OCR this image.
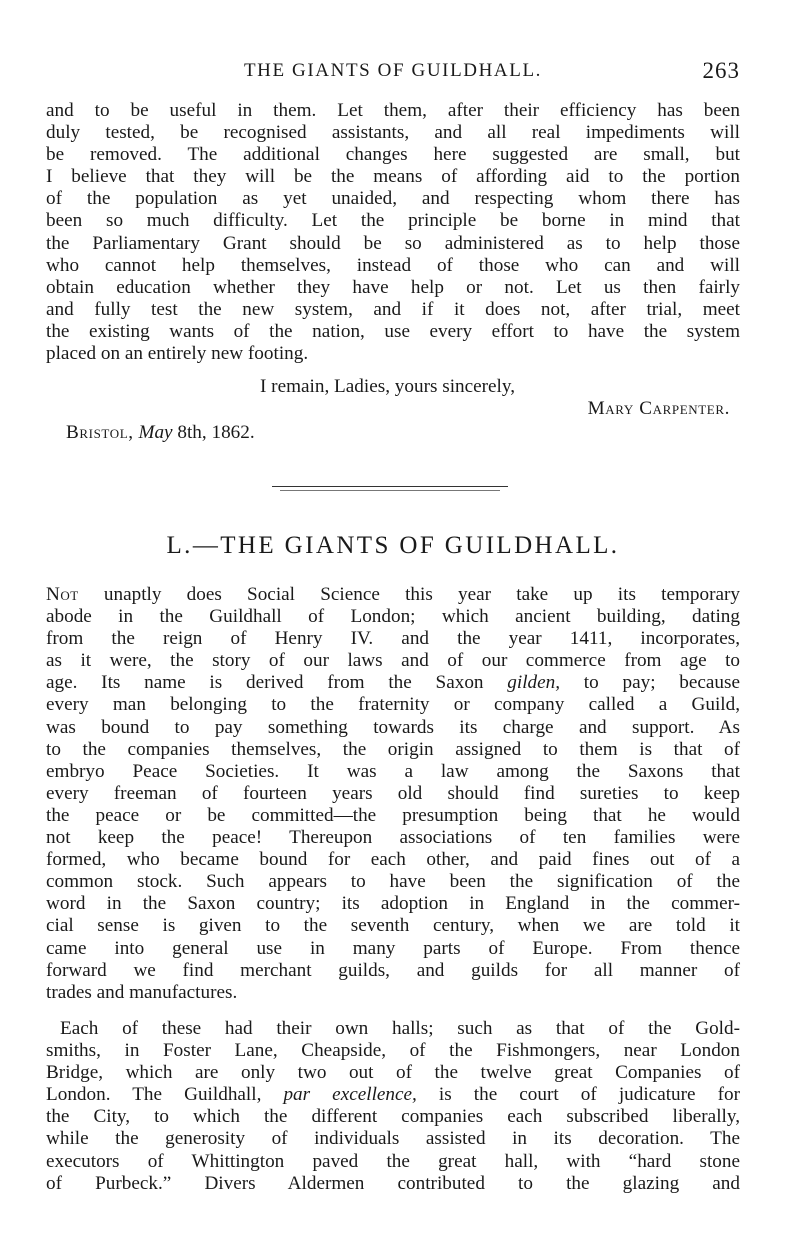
THE GIANTS OF GUILDHALL.	263
and to be useful in them. Let them, after their efficiency has been
duly tested, be recognised assistants, and all real impediments will
be removed. The additional changes here suggested are small, but
I believe that they will be the means of affording aid to the portion
of the population as yet unaided, and respecting whom there has
been so much difficulty. Let the principle be borne in mind that
the Parliamentary Grant should be so administered as to help those
who cannot help themselves, instead of those who can and will
obtain education whether they have help or not. Let us then fairly
and fully test the new system, and if it does not, after trial, meet
the existing wants of the nation, use every effort to have the system
placed on an entirely new footing.
I remain, Ladies, yours sincerely,
Mary Carpenter.
Bristol, May 8th, 1862.
L.—THE GIANTS OF GUILDHALL.
Not unaptly does Social Science this year take up its temporary
abode in the Guildhall of London; which ancient building, dating
from the reign of Henry IV. and the year 1411, incorporates,
as it were, the story of our laws and of our commerce from age to
age. Its name is derived from the Saxon gilden, to pay; because
every man belonging to the fraternity or company called a Guild,
was bound to pay something towards its charge and support. As
to the companies themselves, the origin assigned to them is that of
embryo Peace Societies. It was a law among the Saxons that
every freeman of fourteen years old should find sureties to keep
the peace or be committed—the presumption being that he would
not keep the peace! Thereupon associations of ten families were
formed, who became bound for each other, and paid fines out of a
common stock. Such appears to have been the signification of the
word in the Saxon country; its adoption in England in the commer-
cial sense is given to the seventh century, when we are told it
came into general use in many parts of Europe. From thence
forward we find merchant guilds, and guilds for all manner of
trades and manufactures.
Each of these had their own halls; such as that of the Gold-
smiths, in Foster Lane, Cheapside, of the Fishmongers, near London
Bridge, which are only two out of the twelve great Companies of
London. The Guildhall, par excellence, is the court of judicature for
the City, to which the different companies each subscribed liberally,
while the generosity of individuals assisted in its decoration. The
executors of Whittington paved the great hall, with “hard stone
of Purbeck.” Divers Aldermen contributed to the glazing and
